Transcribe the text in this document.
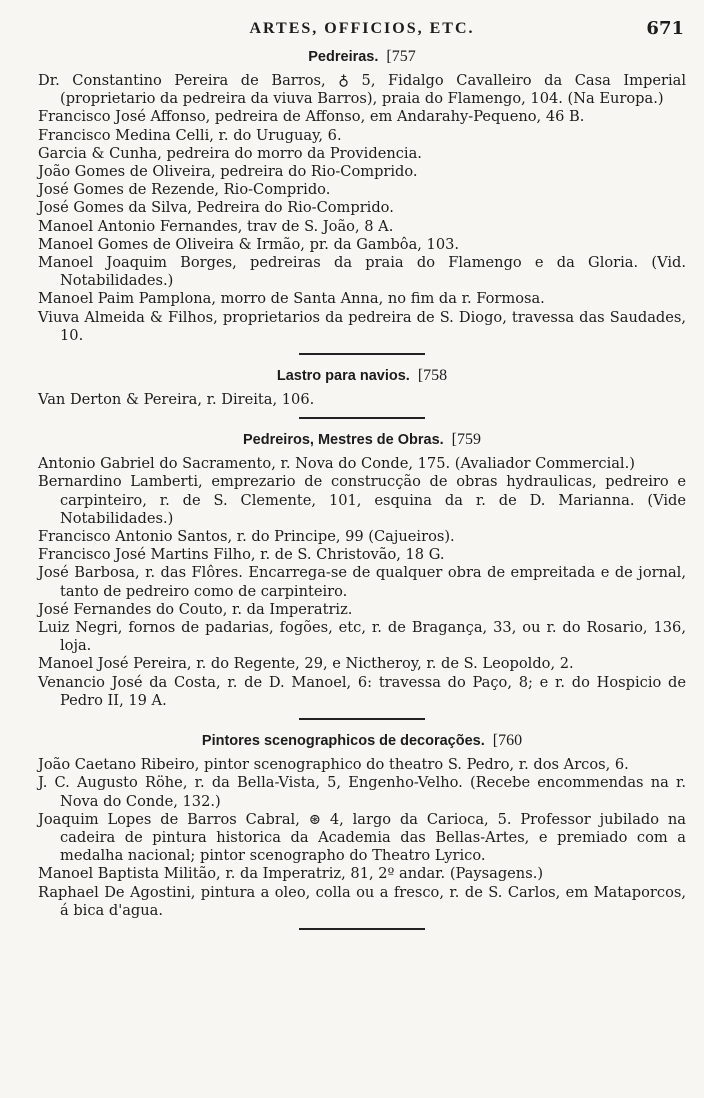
ARTES, OFFICIOS, ETC.	671
Pedreiras. [757
Dr. Constantino Pereira de Barros, ♁ 5, Fidalgo Cavalleiro da Casa Imperial (proprietario da pedreira da viuva Barros), praia do Flamengo, 104. (Na Europa.)
Francisco José Affonso, pedreira de Affonso, em Andarahy-Pequeno, 46 B.
Francisco Medina Celli, r. do Uruguay, 6.
Garcia & Cunha, pedreira do morro da Providencia.
João Gomes de Oliveira, pedreira do Rio-Comprido.
José Gomes de Rezende, Rio-Comprido.
José Gomes da Silva, Pedreira do Rio-Comprido.
Manoel Antonio Fernandes, trav de S. João, 8 A.
Manoel Gomes de Oliveira & Irmão, pr. da Gambôa, 103.
Manoel Joaquim Borges, pedreiras da praia do Flamengo e da Gloria. (Vid. Notabilidades.)
Manoel Paim Pamplona, morro de Santa Anna, no fim da r. Formosa.
Viuva Almeida & Filhos, proprietarios da pedreira de S. Diogo, travessa das Saudades, 10.
Lastro para navios. [758
Van Derton & Pereira, r. Direita, 106.
Pedreiros, Mestres de Obras. [759
Antonio Gabriel do Sacramento, r. Nova do Conde, 175. (Avaliador Commercial.)
Bernardino Lamberti, emprezario de construcção de obras hydraulicas, pedreiro e carpinteiro, r. de S. Clemente, 101, esquina da r. de D. Marianna. (Vide Notabilidades.)
Francisco Antonio Santos, r. do Principe, 99 (Cajueiros).
Francisco José Martins Filho, r. de S. Christovão, 18 G.
José Barbosa, r. das Flôres. Encarrega-se de qualquer obra de empreitada e de jornal, tanto de pedreiro como de carpinteiro.
José Fernandes do Couto, r. da Imperatriz.
Luiz Negri, fornos de padarias, fogões, etc, r. de Bragança, 33, ou r. do Rosario, 136, loja.
Manoel José Pereira, r. do Regente, 29, e Nictheroy, r. de S. Leopoldo, 2.
Venancio José da Costa, r. de D. Manoel, 6: travessa do Paço, 8; e r. do Hospicio de Pedro II, 19 A.
Pintores scenographicos de decorações. [760
João Caetano Ribeiro, pintor scenographico do theatro S. Pedro, r. dos Arcos, 6.
J. C. Augusto Röhe, r. da Bella-Vista, 5, Engenho-Velho. (Recebe encommendas na r. Nova do Conde, 132.)
Joaquim Lopes de Barros Cabral, ⊛ 4, largo da Carioca, 5. Professor jubilado na cadeira de pintura historica da Academia das Bellas-Artes, e premiado com a medalha nacional; pintor scenographo do Theatro Lyrico.
Manoel Baptista Militão, r. da Imperatriz, 81, 2º andar. (Paysagens.)
Raphael De Agostini, pintura a oleo, colla ou a fresco, r. de S. Carlos, em Mataporcos, á bica d'agua.
